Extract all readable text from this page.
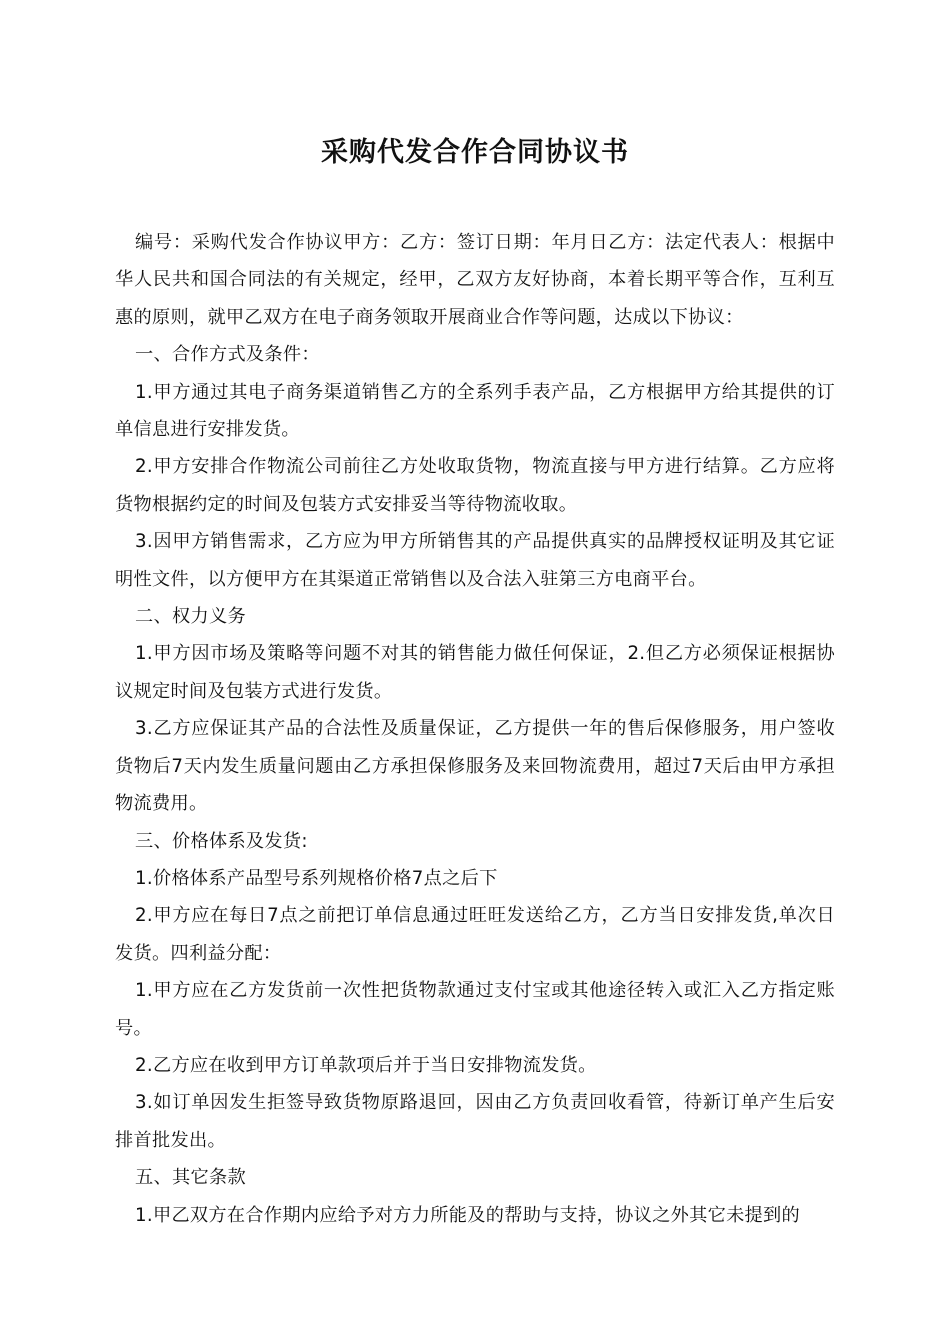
采购代发合作合同协议书

编号：采购代发合作协议甲方：乙方：签订日期：年月日乙方：法定代表人：根据中华人民共和国合同法的有关规定，经甲，乙双方友好协商，本着长期平等合作，互利互惠的原则，就甲乙双方在电子商务领取开展商业合作等问题，达成以下协议：

一、合作方式及条件：

1.甲方通过其电子商务渠道销售乙方的全系列手表产品，乙方根据甲方给其提供的订单信息进行安排发货。

2.甲方安排合作物流公司前往乙方处收取货物，物流直接与甲方进行结算。乙方应将货物根据约定的时间及包装方式安排妥当等待物流收取。

3.因甲方销售需求，乙方应为甲方所销售其的产品提供真实的品牌授权证明及其它证明性文件，以方便甲方在其渠道正常销售以及合法入驻第三方电商平台。

二、权力义务

1.甲方因市场及策略等问题不对其的销售能力做任何保证，2.但乙方必须保证根据协议规定时间及包装方式进行发货。

3.乙方应保证其产品的合法性及质量保证，乙方提供一年的售后保修服务，用户签收货物后7天内发生质量问题由乙方承担保修服务及来回物流费用，超过7天后由甲方承担物流费用。

三、价格体系及发货:

1.价格体系产品型号系列规格价格7点之后下

2.甲方应在每日7点之前把订单信息通过旺旺发送给乙方，乙方当日安排发货,单次日发货。四利益分配：

1.甲方应在乙方发货前一次性把货物款通过支付宝或其他途径转入或汇入乙方指定账号。

2.乙方应在收到甲方订单款项后并于当日安排物流发货。

3.如订单因发生拒签导致货物原路退回，因由乙方负责回收看管，待新订单产生后安排首批发出。

五、其它条款

1.甲乙双方在合作期内应给予对方力所能及的帮助与支持，协议之外其它未提到的
